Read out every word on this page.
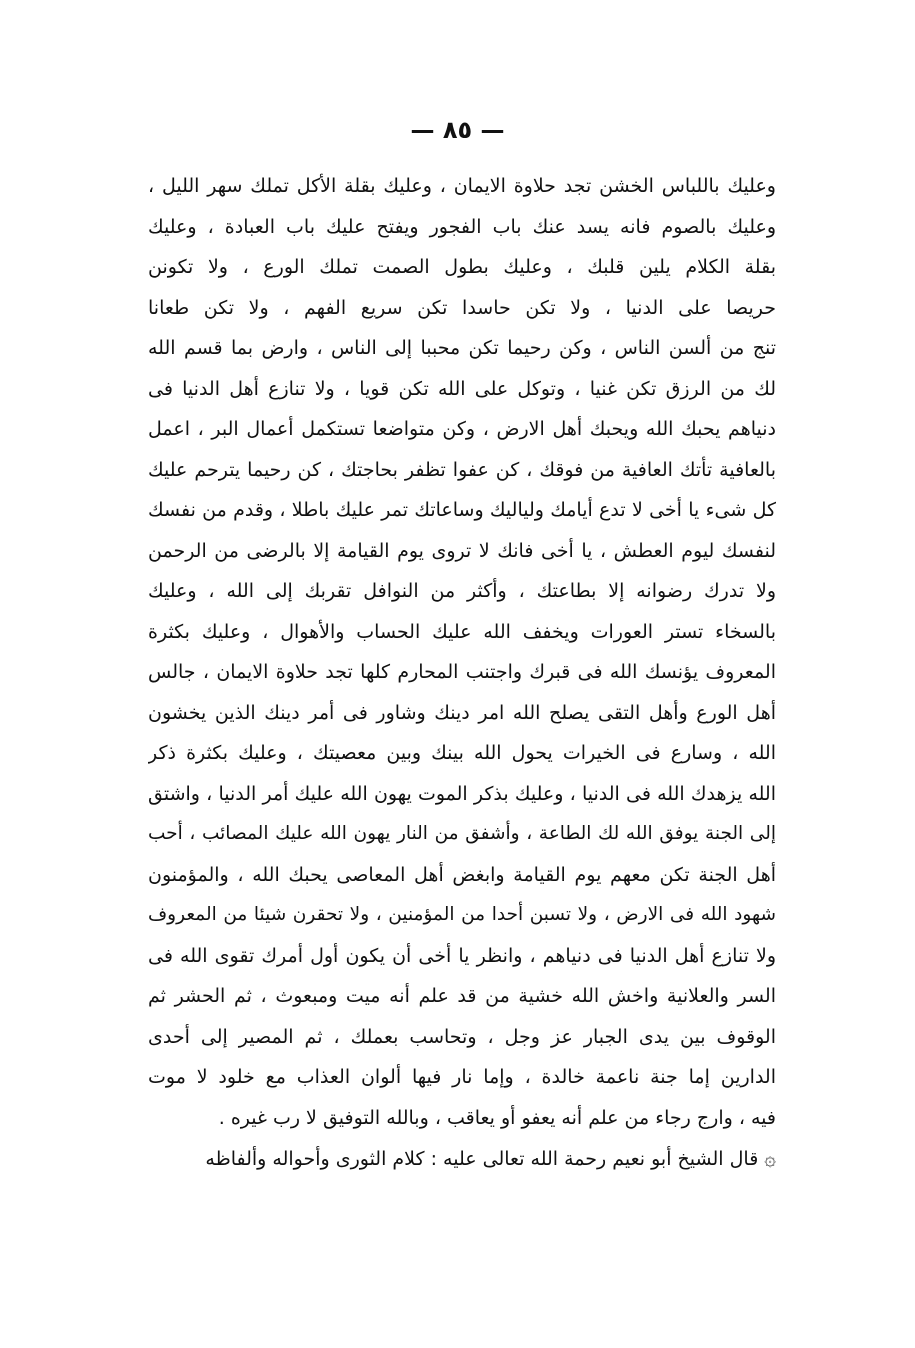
— ٨٥ —
وعليك باللباس الخشن تجد حلاوة الايمان ، وعليك بقلة الأكل تملك سهر الليل ،
وعليك بالصوم فانه يسد عنك باب الفجور ويفتح عليك باب العبادة ، وعليك
بقلة الكلام يلين قلبك ، وعليك بطول الصمت تملك الورع ، ولا تكونن
حريصا على الدنيا ، ولا تكن حاسدا تكن سريع الفهم ، ولا تكن طعانا
تنج من ألسن الناس ، وكن رحيما تكن محببا إلى الناس ، وارض بما قسم الله
لك من الرزق تكن غنيا ، وتوكل على الله تكن قويا ، ولا تنازع أهل الدنيا فى
دنياهم يحبك الله ويحبك أهل الارض ، وكن متواضعا تستكمل أعمال البر ، اعمل
بالعافية تأتك العافية من فوقك ، كن عفوا تظفر بحاجتك ، كن رحيما يترحم عليك
كل شىء يا أخى لا تدع أيامك ولياليك وساعاتك تمر عليك باطلا ، وقدم من نفسك
لنفسك ليوم العطش ، يا أخى فانك لا تروى يوم القيامة إلا بالرضى من الرحمن
ولا تدرك رضوانه إلا بطاعتك ، وأكثر من النوافل تقربك إلى الله ، وعليك
بالسخاء تستر العورات ويخفف الله عليك الحساب والأهوال ، وعليك بكثرة
المعروف يؤنسك الله فى قبرك واجتنب المحارم كلها تجد حلاوة الايمان ، جالس
أهل الورع وأهل التقى يصلح الله امر دينك وشاور فى أمر دينك الذين يخشون
الله ، وسارع فى الخيرات يحول الله بينك وبين معصيتك ، وعليك بكثرة ذكر
الله يزهدك الله فى الدنيا ، وعليك بذكر الموت يهون الله عليك أمر الدنيا ، واشتق
إلى الجنة يوفق الله لك الطاعة ، وأشفق من النار يهون الله عليك المصائب ، أحب
أهل الجنة تكن معهم يوم القيامة وابغض أهل المعاصى يحبك الله ، والمؤمنون
شهود الله فى الارض ، ولا تسبن أحدا من المؤمنين ، ولا تحقرن شيئا من المعروف
ولا تنازع أهل الدنيا فى دنياهم ، وانظر يا أخى أن يكون أول أمرك تقوى الله فى
السر والعلانية واخش الله خشية من قد علم أنه ميت ومبعوث ، ثم الحشر ثم
الوقوف بين يدى الجبار عز وجل ، وتحاسب بعملك ، ثم المصير إلى أحدى
الدارين إما جنة ناعمة خالدة ، وإما نار فيها ألوان العذاب مع خلود لا موت
فيه ، وارج رجاء من علم أنه يعفو أو يعاقب ، وبالله التوفيق لا رب غيره .
۞قال الشيخ أبو نعيم رحمة الله تعالى عليه : كلام الثورى وأحواله وألفاظه
